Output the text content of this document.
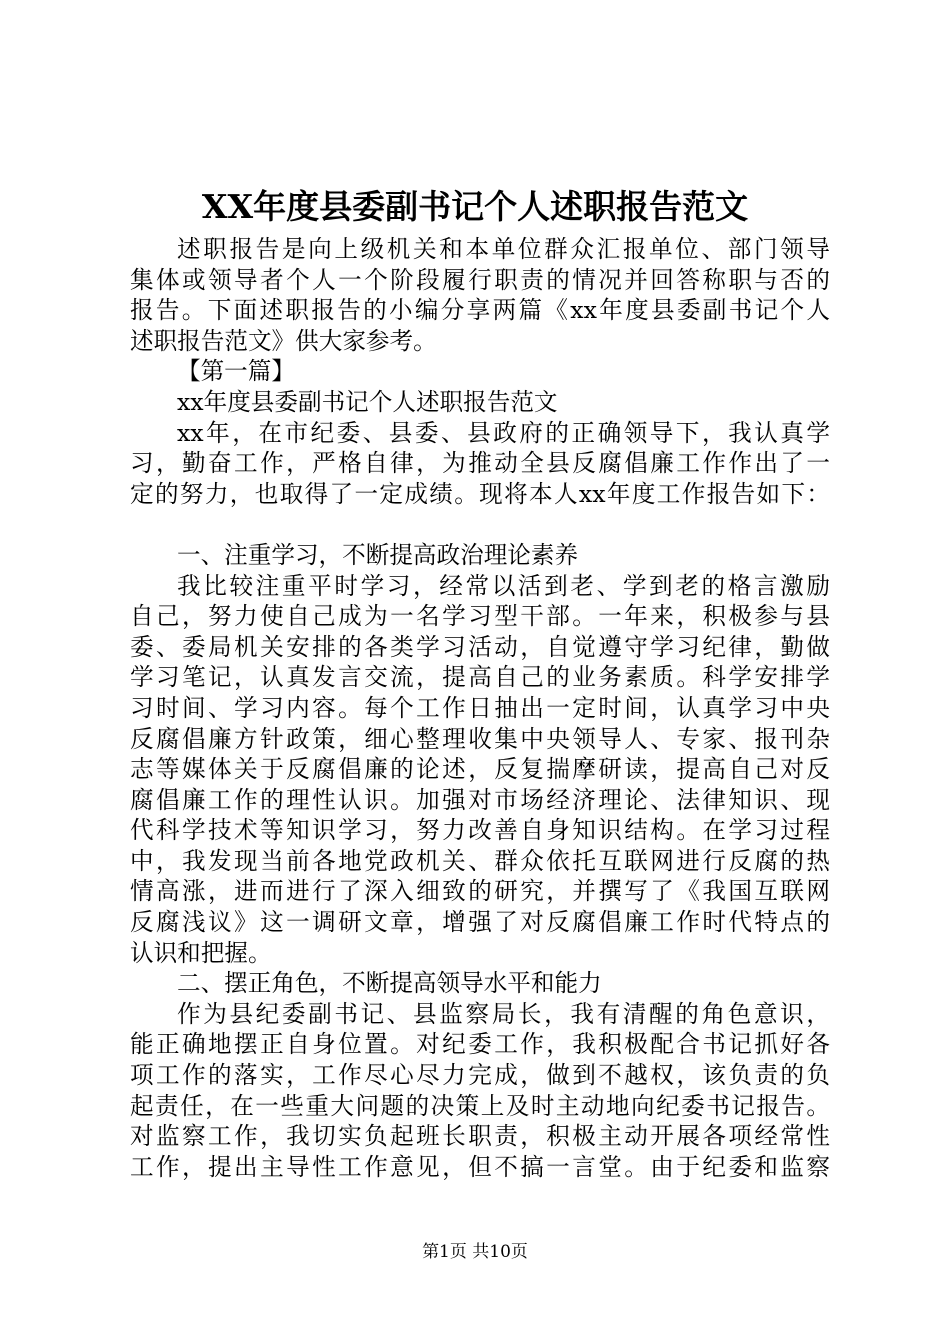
XX年度县委副书记个人述职报告范文
述职报告是向上级机关和本单位群众汇报单位、部门领导
集体或领导者个人一个阶段履行职责的情况并回答称职与否的
报告。下面述职报告的小编分享两篇《xx年度县委副书记个人
述职报告范文》供大家参考。
【第一篇】
xx年度县委副书记个人述职报告范文
xx年，在市纪委、县委、县政府的正确领导下，我认真学
习，勤奋工作，严格自律，为推动全县反腐倡廉工作作出了一
定的努力，也取得了一定成绩。现将本人xx年度工作报告如下：
一、注重学习，不断提高政治理论素养
我比较注重平时学习，经常以活到老、学到老的格言激励
自己，努力使自己成为一名学习型干部。一年来，积极参与县
委、委局机关安排的各类学习活动，自觉遵守学习纪律，勤做
学习笔记，认真发言交流，提高自己的业务素质。科学安排学
习时间、学习内容。每个工作日抽出一定时间，认真学习中央
反腐倡廉方针政策，细心整理收集中央领导人、专家、报刊杂
志等媒体关于反腐倡廉的论述，反复揣摩研读，提高自己对反
腐倡廉工作的理性认识。加强对市场经济理论、法律知识、现
代科学技术等知识学习，努力改善自身知识结构。在学习过程
中，我发现当前各地党政机关、群众依托互联网进行反腐的热
情高涨，进而进行了深入细致的研究，并撰写了《我国互联网
反腐浅议》这一调研文章，增强了对反腐倡廉工作时代特点的
认识和把握。
二、摆正角色，不断提高领导水平和能力
作为县纪委副书记、县监察局长，我有清醒的角色意识，
能正确地摆正自身位置。对纪委工作，我积极配合书记抓好各
项工作的落实，工作尽心尽力完成，做到不越权，该负责的负
起责任，在一些重大问题的决策上及时主动地向纪委书记报告。
对监察工作，我切实负起班长职责，积极主动开展各项经常性
工作，提出主导性工作意见，但不搞一言堂。由于纪委和监察
第1页 共10页
